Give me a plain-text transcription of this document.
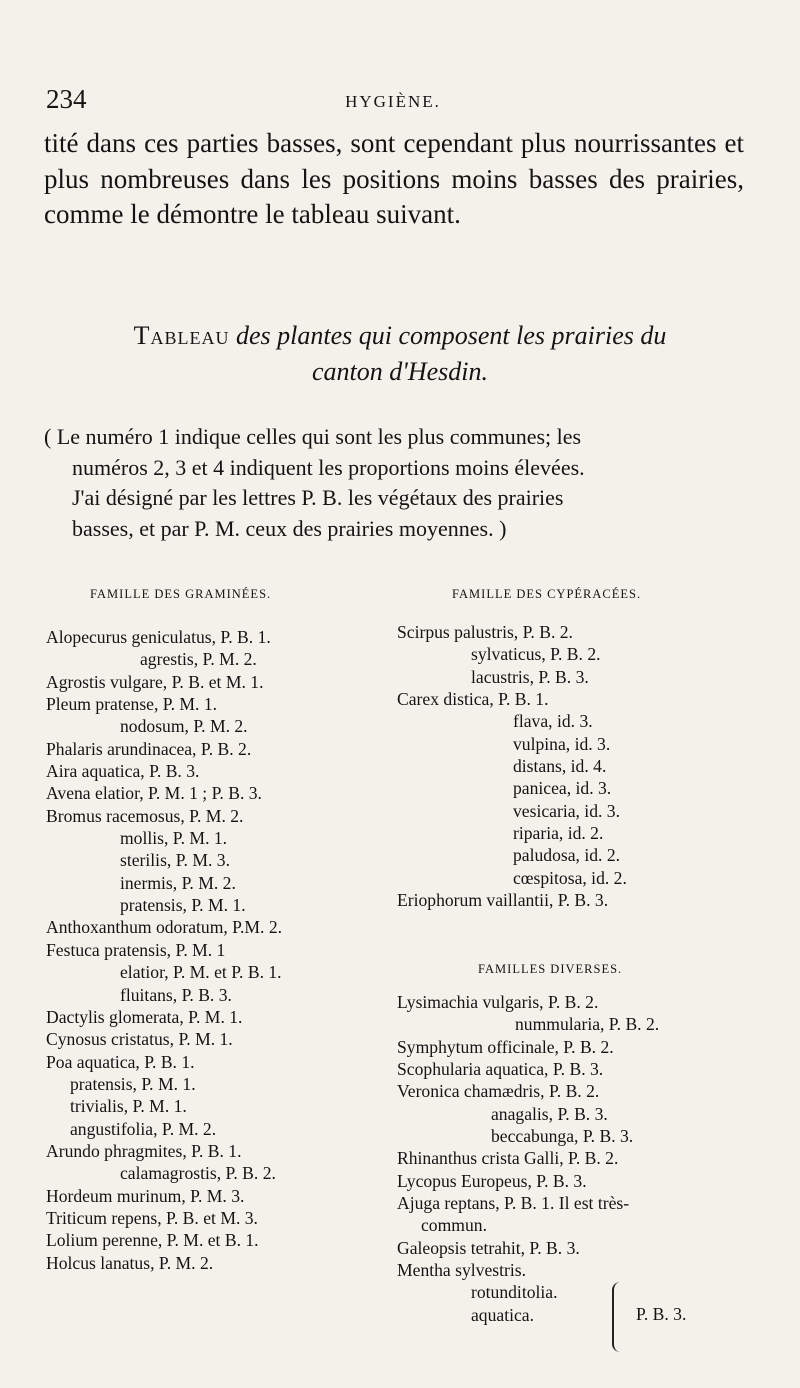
234	HYGIÈNE.
tité dans ces parties basses, sont cependant plus nourrissantes et plus nombreuses dans les positions moins basses des prairies, comme le démontre le tableau suivant.
Tableau des plantes qui composent les prairies du
canton d'Hesdin.
( Le numéro 1 indique celles qui sont les plus communes; les
numéros 2, 3 et 4 indiquent les proportions moins élevées.
J'ai désigné par les lettres P. B. les végétaux des prairies
basses, et par P. M. ceux des prairies moyennes. )
FAMILLE DES GRAMINÉES.	FAMILLE DES CYPÉRACÉES.
Alopecurus geniculatus, P. B. 1.
agrestis, P. M. 2.
Agrostis vulgare, P. B. et M. 1.
Pleum pratense, P. M. 1.
nodosum, P. M. 2.
Phalaris arundinacea, P. B. 2.
Aira aquatica, P. B. 3.
Avena elatior, P. M. 1 ; P. B. 3.
Bromus racemosus, P. M. 2.
mollis, P. M. 1.
sterilis, P. M. 3.
inermis, P. M. 2.
pratensis, P. M. 1.
Anthoxanthum odoratum, P.M. 2.
Festuca pratensis, P. M. 1
elatior, P. M. et P. B. 1.
fluitans, P. B. 3.
Dactylis glomerata, P. M. 1.
Cynosus cristatus, P. M. 1.
Poa aquatica, P. B. 1.
pratensis, P. M. 1.
trivialis, P. M. 1.
angustifolia, P. M. 2.
Arundo phragmites, P. B. 1.
calamagrostis, P. B. 2.
Hordeum murinum, P. M. 3.
Triticum repens, P. B. et M. 3.
Lolium perenne, P. M. et B. 1.
Holcus lanatus, P. M. 2.
Scirpus palustris, P. B. 2.
sylvaticus, P. B. 2.
lacustris, P. B. 3.
Carex disticа, P. B. 1.
flava, id. 3.
vulpina, id. 3.
distans, id. 4.
panicea, id. 3.
vesicaria, id. 3.
riparia, id. 2.
paludosa, id. 2.
cœspitosa, id. 2.
Eriophorum vaillantii, P. B. 3.
FAMILLES DIVERSES.
Lysimachia vulgaris, P. B. 2.
nummularia, P. B. 2.
Symphytum officinale, P. B. 2.
Scophularia aquatica, P. B. 3.
Veronica chamædris, P. B. 2.
anagalis, P. B. 3.
beccabunga, P. B. 3.
Rhinanthus crista Galli, P. B. 2.
Lycopus Europeus, P. B. 3.
Ajuga reptans, P. B. 1. Il est très-
commun.
Galeopsis tetrahit, P. B. 3.
Mentha sylvestris.
rotunditolia.
aquatica.	P. B. 3.
